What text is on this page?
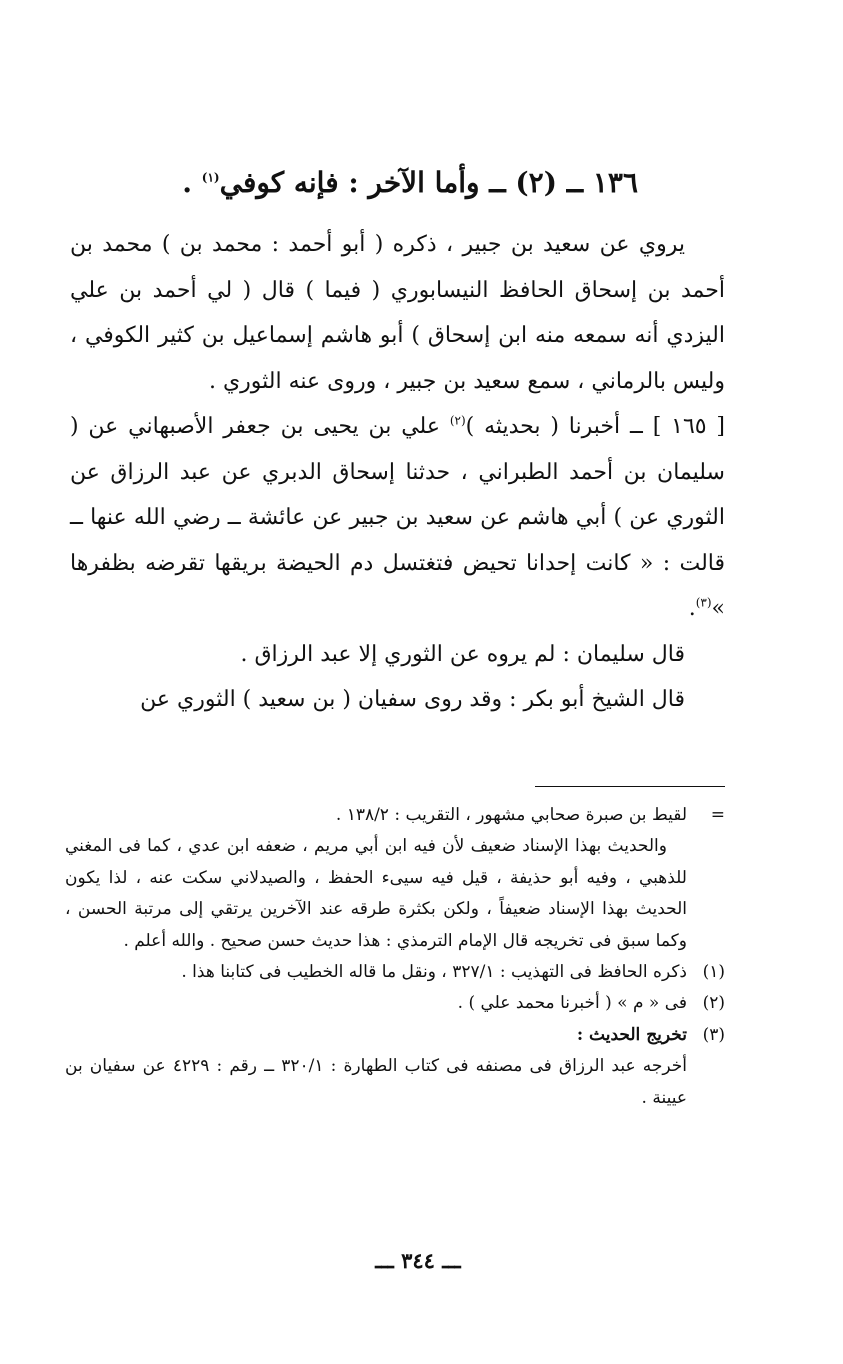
١٣٦ ــ (٢) ــ وأما الآخر : فإنه كوفي$^{(١)}$ .

يروي عن سعيد بن جبير ، ذكره ( أبو أحمد : محمد بن ) محمد بن أحمد بن إسحاق الحافظ النيسابوري ( فيما ) قال ( لي أحمد بن علي اليزدي أنه سمعه منه ابن إسحاق ) أبو هاشم إسماعيل بن كثير الكوفي ، وليس بالرماني ، سمع سعيد بن جبير ، وروى عنه الثوري .

[ ١٦٥ ] ــ أخبرنا ( بحديثه )$^{(٢)}$ علي بن يحيى بن جعفر الأصبهاني عن ( سليمان بن أحمد الطبراني ، حدثنا إسحاق الدبري عن عبد الرزاق عن الثوري عن ) أبي هاشم عن سعيد بن جبير عن عائشة ــ رضي الله عنها ــ قالت : « كانت إحدانا تحيض فتغتسل دم الحيضة بريقها تقرضه بظفرها »$^{(٣)}$.

قال سليمان : لم يروه عن الثوري إلا عبد الرزاق .

قال الشيخ أبو بكر : وقد روى سفيان ( بن سعيد ) الثوري عن

=
لقيط بن صبرة صحابي مشهور ، التقريب : ١٣٨/٢ .

والحديث بهذا الإسناد ضعيف لأن فيه ابن أبي مريم ، ضعفه ابن عدي ، كما فى المغني للذهبي ، وفيه أبو حذيفة ، قيل فيه سيىء الحفظ ، والصيدلاني سكت عنه ، لذا يكون الحديث بهذا الإسناد ضعيفاً ، ولكن بكثرة طرقه عند الآخرين يرتقي إلى مرتبة الحسن ، وكما سبق فى تخريجه قال الإمام الترمذي : هذا حديث حسن صحيح . والله أعلم .

(١)
ذكره الحافظ فى التهذيب : ٣٢٧/١ ، ونقل ما قاله الخطيب فى كتابنا هذا .
(٢)
فى « م » ( أخبرنا محمد علي ) .
(٣)
تخريج الحديث :

أخرجه عبد الرزاق فى مصنفه فى كتاب الطهارة : ٣٢٠/١ ــ رقم : ٤٢٢٩ عن سفيان بن عيينة .

ـــ ٣٤٤ ـــ
